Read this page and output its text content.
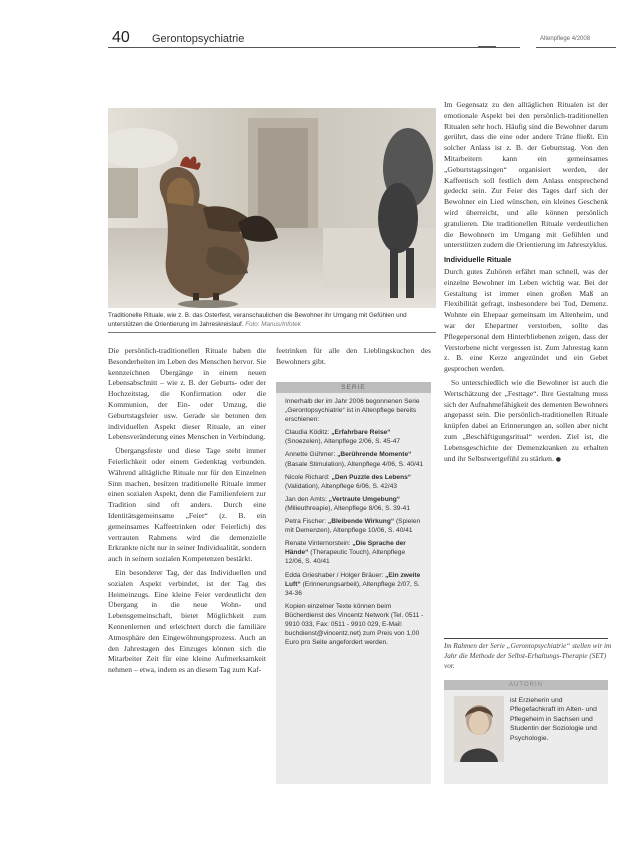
40 Gerontopsychiatrie	Altenpflege 4/2008
Traditionelle Rituale, wie z. B. das Osterfest, veranschaulichen die Bewohner ihr Umgang mit Gefühlen und unterstützen die Orientierung im Jahreskreislauf. Foto: Manus/Infotek

Die persönlich-traditionellen Rituale haben die Besonderheiten im Leben des Menschen hervor. Sie kennzeichnen Übergänge in einem neuen Lebensabschnitt – wie z. B. der Geburts- oder der Hochzeitstag, die Konfirmation oder die Kommunion, der Ein- oder Umzug, die Geburtstagsfeier usw. Gerade sie betonen den individuellen Aspekt dieser Rituale, an einer Lebensveränderung eines Menschen in Verbindung.

Übergangsfeste und diese Tage steht immer Feierlichkeit oder einem Gedenktag verbunden. Während alltägliche Rituale nur für den Einzelnen Sinn machen, besitzen traditionelle Rituale immer einen sozialen Aspekt, denn die Familienfeiern zur Tradition sind oft anders. Durch eine Identitätsgemeinsame „Feier“ (z. B. ein gemeinsames Kaffeetrinken oder Feierlich) des vertrauten Rahmens wird die demenzielle Erkrankte nicht nur in seiner Individualität, sondern auch in seinem sozialen Kompetenzen bestärkt.

Ein besonderer Tag, der das Individuellen und sozialen Aspekt verbindet, ist der Tag des Heimeinzugs. Eine kleine Feier verdeutlicht den Übergang in die neue Wohn- und Lebensgemeinschaft, bietet Möglichkeit zum Kennenlernen und erleichtert durch die familiäre Atmosphäre den Eingewöhnungsprozess. Auch an den Jahrestagen des Einzuges können sich die Mitarbeiter Zeit für eine kleine Aufmerksamkeit nehmen – etwa, indem es an diesem Tag zum Kaf-

feetrinken für alle den Lieblingskuchen des Bewohners gibt.

SERIE
Innerhalb der im Jahr 2006 begonnenen Serie „Gerontopsychiatrie“ ist in Altenpflege bereits erschienen:
Claudia Köditz: „Erfahrbare Reise“ (Snoezelen), Altenpflege 2/06, S. 45-47
Annette Gühmer: „Berührende Momente“ (Basale Stimulation), Altenpflege 4/06, S. 40/41
Nicole Richard: „Den Puzzle des Lebens“ (Validation), Altenpflege 6/06, S. 42/43
Jan den Amts: „Vertraute Umgebung“ (Milieuthreapie), Altenpflege 8/06, S. 39-41
Petra Fischer: „Bleibende Wirkung“ (Spielen mit Demenzen), Altenpflege 10/06, S. 40/41
Renate Vinternorstein: „Die Sprache der Hände“ (Therapeutic Touch), Altenpflege 12/06, S. 40/41
Edda Grieshaber / Holger Bräuer: „Ein zweite Luft“ (Erinnerungsarbeit), Altenpflege 2/07, S. 34-36
Kopien einzelner Texte können beim Bücherdienst des Vincentz Network (Tel. 0511 - 9910 033, Fax: 0511 - 9910 029, E-Mail: buchdienst@vincentz.net) zum Preis von 1,00 Euro pro Seite angefordert werden.

Im Gegensatz zu den alltäglichen Ritualen ist der emotionale Aspekt bei den persönlich-traditionellen Ritualen sehr hoch. Häufig sind die Bewohner darum gerührt, dass die eine oder andere Träne fließt. Ein solcher Anlass ist z. B. der Geburtstag. Von den Mitarbeitern kann ein gemeinsames „Geburtstagssingen“ organisiert werden, der Kaffeetisch soll festlich dem Anlass entsprechend gedeckt sein. Zur Feier des Tages darf sich der Bewohner ein Lied wünschen, ein kleines Geschenk wird überreicht, und alle können persönlich gratulieren. Die traditionellen Rituale verdeutlichen die Bewohnern im Umgang mit Gefühlen und unterstützen zudem die Orientierung im Jahreszyklus.

Individuelle Rituale

Durch gutes Zuhören erfährt man schnell, was der einzelne Bewohner im Leben wichtig war. Bei der Gestaltung ist immer einen großen Maß an Flexibilität gefragt, insbesondere bei Tod, Demenz. Wohnte ein Ehepaar gemeinsam im Altenheim, und war der Ehepartner verstorben, sollte das Pflegepersonal dem Hinterbliebenen zeigen, dass der Verstorbene nicht vergessen ist. Zum Jahrestag kann z. B. eine Kerze angezündet und ein Gebet gesprochen werden.

So unterschiedlich wie die Bewohner ist auch die Wertschätzung der „Festtage“. Ihre Gestaltung muss sich der Aufnahmefähigkeit des dementen Bewohners angepasst sein. Die persönlich-traditionellen Rituale knüpfen dabei an Erinnerungen an, sollen aber nicht zum „Beschäftigungsritual“ werden. Ziel ist, die Lebensgeschichte der Demenzkranken zu erhalten und ihr Selbstwertgefühl zu stärken. ●

Im Rahmen der Serie „Gerontopsychiatrie“ stellen wir im Jahr die Methode der Selbst-Erhaltungs-Therapie (SET) vor.
AUTORIN
ist Erzieherin und Pflegefachkraft im Alten- und Pflegeheim in Sachsen und Studentin der Soziologie und Psychologie.
